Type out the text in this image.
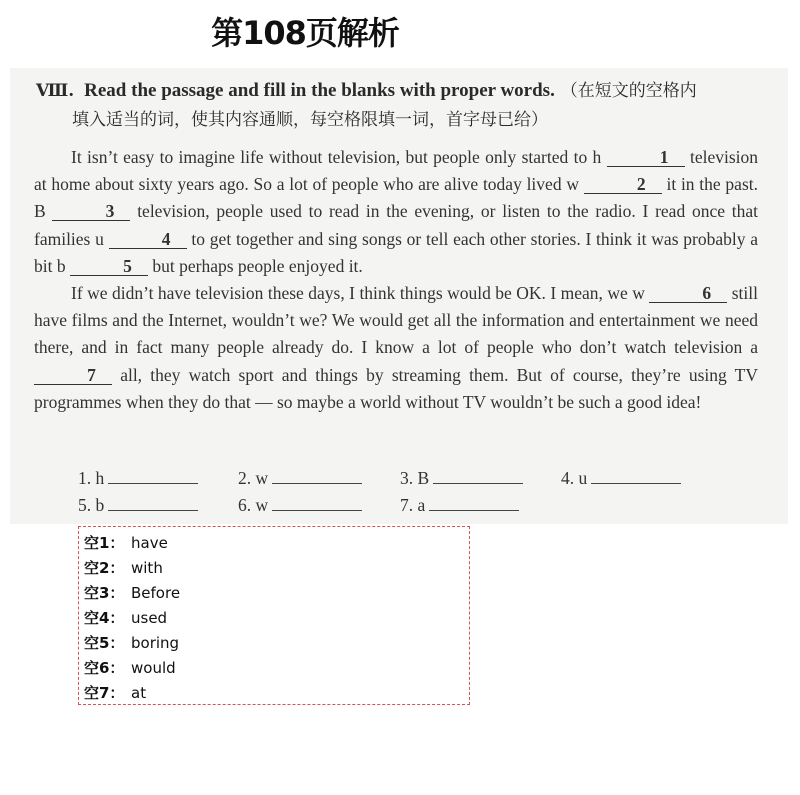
第108页解析
Ⅷ. Read the passage and fill in the blanks with proper words. （在短文的空格内
填入适当的词，使其内容通顺，每空格限填一词，首字母已给）

It isn’t easy to imagine life without television, but people only started to h	1 television at home about sixty years ago. So a lot of people who are alive today lived w	2 it in the past. B	3 television, people used to read in the evening, or listen to the radio. I read once that families u	4 to get together and sing songs or tell each other stories. I think it was probably a bit b	5 but perhaps people enjoyed it.

If we didn’t have television these days, I think things would be OK. I mean, we w	6 still have films and the Internet, wouldn’t we? We would get all the information and entertainment we need there, and in fact many people already do. I know a lot of people who don’t watch television a 7 all, they watch sport and things by streaming them. But of course, they’re using TV programmes when they do that — so maybe a world without TV wouldn’t be such a good idea!

1. h	2. w	3. B	4. u
5. b	6. w	7. a
空1： have
空2： with
空3： Before
空4： used
空5： boring
空6： would
空7： at
